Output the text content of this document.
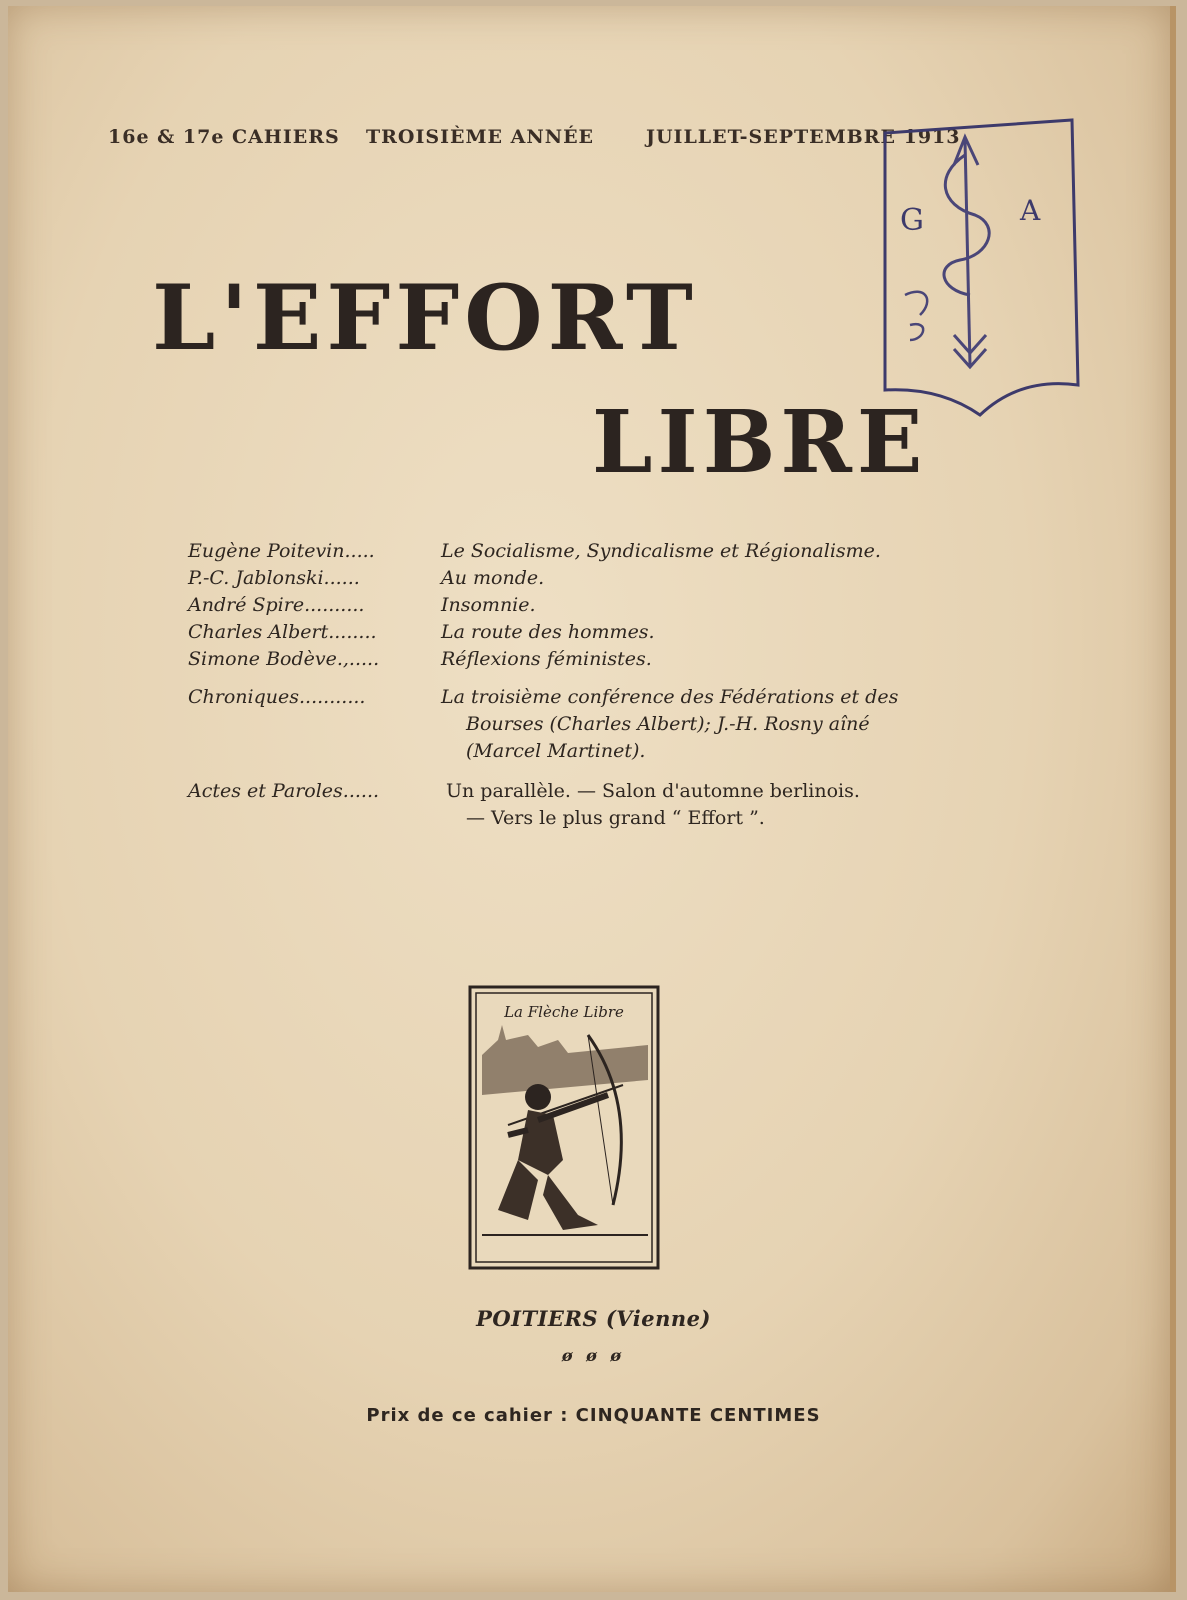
16e & 17e CAHIERS TROISIÈME ANNÉE	JUILLET-SEPTEMBRE 1913
L'EFFORT
LIBRE
G	A
Eugène Poitevin.....	Le Socialisme, Syndicalisme et Régionalisme.
P.-C. Jablonski......	Au monde.
André Spire..........	Insomnie.
Charles Albert........	La route des hommes.
Simone Bodève.,.....	Réflexions féministes.
Chroniques...........	La troisième conférence des Fédérations et des
Bourses (Charles Albert); J.-H. Rosny aîné
(Marcel Martinet).
Actes et Paroles......	Un parallèle. — Salon d'automne berlinois.
— Vers le plus grand “ Effort ”.
La Flèche Libre
POITIERS (Vienne)
ø ø ø
Prix de ce cahier : CINQUANTE CENTIMES
